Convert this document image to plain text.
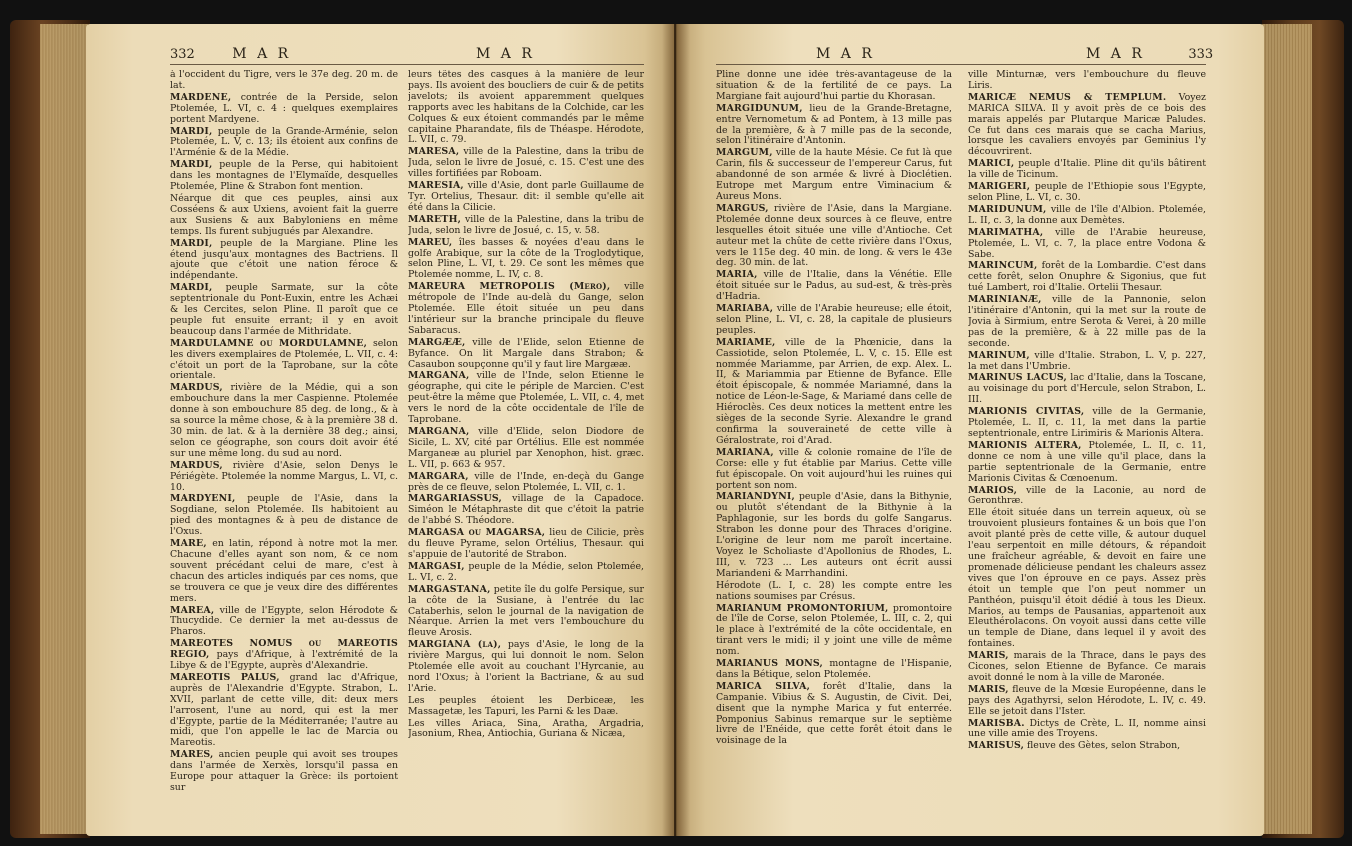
332	M A R	M A R

à l'occident du Tigre, vers le 37e deg. 20 m. de lat.

MARDENE, contrée de la Perside, selon Ptolemée, L. VI, c. 4 : quelques exemplaires portent Mardyene.

MARDI, peuple de la Grande-Arménie, selon Ptolemée, L. V, c. 13; ils étoient aux confins de l'Arménie & de la Médie.

MARDI, peuple de la Perse, qui habitoient dans les montagnes de l'Elymaïde, desquelles Ptolemée, Pline & Strabon font mention.

Néarque dit que ces peuples, ainsi aux Cosséens & aux Uxiens, avoient fait la guerre aux Susiens & aux Babyloniens en même temps. Ils furent subjugués par Alexandre.

MARDI, peuple de la Margiane. Pline les étend jusqu'aux montagnes des Bactriens. Il ajoute que c'étoit une nation féroce & indépendante.

MARDI, peuple Sarmate, sur la côte septentrionale du Pont-Euxin, entre les Achæi & les Cercites, selon Pline. Il paroît que ce peuple fut ensuite errant; il y en avoit beaucoup dans l'armée de Mithridate.

MARDULAMNE ou MORDULAMNE, selon les divers exemplaires de Ptolemée, L. VII, c. 4: c'étoit un port de la Taprobane, sur la côte orientale.

MARDUS, rivière de la Médie, qui a son embouchure dans la mer Caspienne. Ptolemée donne à son embouchure 85 deg. de long., & à sa source la même chose, & à la première 38 d. 30 min. de lat. & à la dernière 38 deg.; ainsi, selon ce géographe, son cours doit avoir été sur une même long. du sud au nord.

MARDUS, rivière d'Asie, selon Denys le Périégète. Ptolemée la nomme Margus, L. VI, c. 10.

MARDYENI, peuple de l'Asie, dans la Sogdiane, selon Ptolemée. Ils habitoient au pied des montagnes & à peu de distance de l'Oxus.

MARE, en latin, répond à notre mot la mer. Chacune d'elles ayant son nom, & ce nom souvent précédant celui de mare, c'est à chacun des articles indiqués par ces noms, que se trouvera ce que je veux dire des différentes mers.

MAREA, ville de l'Egypte, selon Hérodote & Thucydide. Ce dernier la met au-dessus de Pharos.

MAREOTES NOMUS ou MAREOTIS REGIO, pays d'Afrique, à l'extrémité de la Libye & de l'Egypte, auprès d'Alexandrie.

MAREOTIS PALUS, grand lac d'Afrique, auprès de l'Alexandrie d'Egypte. Strabon, L. XVII, parlant de cette ville, dit: deux mers l'arrosent, l'une au nord, qui est la mer d'Egypte, partie de la Méditerranée; l'autre au midi, que l'on appelle le lac de Marcia ou Mareotis.

MARES, ancien peuple qui avoit ses troupes dans l'armée de Xerxès, lorsqu'il passa en Europe pour attaquer la Grèce: ils portoient sur

leurs têtes des casques à la manière de leur pays. Ils avoient des boucliers de cuir & de petits javelots; ils avoient apparemment quelques rapports avec les habitans de la Colchide, car les Colques & eux étoient commandés par le même capitaine Pharandate, fils de Théaspe. Hérodote, L. VII, c. 79.

MARESA, ville de la Palestine, dans la tribu de Juda, selon le livre de Josué, c. 15. C'est une des villes fortifiées par Roboam.

MARESIA, ville d'Asie, dont parle Guillaume de Tyr. Ortelius, Thesaur. dit: il semble qu'elle ait été dans la Cilicie.

MARETH, ville de la Palestine, dans la tribu de Juda, selon le livre de Josué, c. 15, v. 58.

MAREU, îles basses & noyées d'eau dans le golfe Arabique, sur la côte de la Troglodytique, selon Pline, L. VI, t. 29. Ce sont les mêmes que Ptolemée nomme, L. IV, c. 8.

MAREURA METROPOLIS (Mero), ville métropole de l'Inde au-delà du Gange, selon Ptolemée. Elle étoit située un peu dans l'intérieur sur la branche principale du fleuve Sabaracus.

MARGÆÆ, ville de l'Elide, selon Etienne de Byfance. On lit Margale dans Strabon; & Casaubon soupçonne qu'il y faut lire Margææ.

MARGANA, ville de l'Inde, selon Etienne le géographe, qui cite le périple de Marcien. C'est peut-être la même que Ptolemée, L. VII, c. 4, met vers le nord de la côte occidentale de l'île de Taprobane.

MARGANA, ville d'Elide, selon Diodore de Sicile, L. XV, cité par Ortélius. Elle est nommée Marganeæ au pluriel par Xenophon, hist. græc. L. VII, p. 663 & 957.

MARGARA, ville de l'Inde, en-deçà du Gange près de ce fleuve, selon Ptolemée, L. VII, c. 1.

MARGARIASSUS, village de la Capadoce. Siméon le Métaphraste dit que c'étoit la patrie de l'abbé S. Théodore.

MARGASA ou MAGARSA, lieu de Cilicie, près du fleuve Pyrame, selon Ortélius, Thesaur. qui s'appuie de l'autorité de Strabon.

MARGASI, peuple de la Médie, selon Ptolemée, L. VI, c. 2.

MARGASTANA, petite île du golfe Persique, sur la côte de la Susiane, à l'entrée du lac Cataberhis, selon le journal de la navigation de Néarque. Arrien la met vers l'embouchure du fleuve Arosis.

MARGIANA (la), pays d'Asie, le long de la rivière Margus, qui lui donnoit le nom. Selon Ptolemée elle avoit au couchant l'Hyrcanie, au nord l'Oxus; à l'orient la Bactriane, & au sud l'Arie.

Les peuples étoient les Derbiceæ, les Massagetæ, les Tapuri, les Parni & les Daæ.

Les villes Ariaca, Sina, Aratha, Argadria, Jasonium, Rhea, Antiochia, Guriana & Nicæa,

M A R	M A R	333

Pline donne une idée très-avantageuse de la situation & de la fertilité de ce pays. La Margiane fait aujourd'hui partie du Khorasan.

MARGIDUNUM, lieu de la Grande-Bretagne, entre Vernometum & ad Pontem, à 13 mille pas de la première, & à 7 mille pas de la seconde, selon l'itinéraire d'Antonin.

MARGUM, ville de la haute Mésie. Ce fut là que Carin, fils & successeur de l'empereur Carus, fut abandonné de son armée & livré à Dioclétien. Eutrope met Margum entre Viminacium & Aureus Mons.

MARGUS, rivière de l'Asie, dans la Margiane. Ptolemée donne deux sources à ce fleuve, entre lesquelles étoit située une ville d'Antioche. Cet auteur met la chûte de cette rivière dans l'Oxus, vers le 115e deg. 40 min. de long. & vers le 43e deg. 30 min. de lat.

MARIA, ville de l'Italie, dans la Vénétie. Elle étoit située sur le Padus, au sud-est, & très-près d'Hadria.

MARIABA, ville de l'Arabie heureuse; elle étoit, selon Pline, L. VI, c. 28, la capitale de plusieurs peuples.

MARIAME, ville de la Phœnicie, dans la Cassiotide, selon Ptolemée, L. V, c. 15. Elle est nommée Mariamme, par Arrien, de exp. Alex. L. II, & Mariammia par Etienne de Byfance. Elle étoit épiscopale, & nommée Mariamné, dans la notice de Léon-le-Sage, & Mariamé dans celle de Hiéroclès. Ces deux notices la mettent entre les sièges de la seconde Syrie. Alexandre le grand confirma la souveraineté de cette ville à Géralostrate, roi d'Arad.

MARIANA, ville & colonie romaine de l'île de Corse: elle y fut établie par Marius. Cette ville fut épiscopale. On voit aujourd'hui les ruines qui portent son nom.

MARIANDYNI, peuple d'Asie, dans la Bithynie, ou plutôt s'étendant de la Bithynie à la Paphlagonie, sur les bords du golfe Sangarus. Strabon les donne pour des Thraces d'origine. L'origine de leur nom me paroît incertaine. Voyez le Scholiaste d'Apollonius de Rhodes, L. III, v. 723 ... Les auteurs ont écrit aussi Mariandeni & Marrhandini.

Hérodote (L. I, c. 28) les compte entre les nations soumises par Crésus.

MARIANUM PROMONTORIUM, promontoire de l'île de Corse, selon Ptolemée, L. III, c. 2, qui le place à l'extrémité de la côte occidentale, en tirant vers le midi; il y joint une ville de même nom.

MARIANUS MONS, montagne de l'Hispanie, dans la Bétique, selon Ptolemée.

MARICA SILVA, forêt d'Italie, dans la Campanie. Vibius & S. Augustin, de Civit. Dei, disent que la nymphe Marica y fut enterrée. Pomponius Sabinus remarque sur le septième livre de l'Enéide, que cette forêt étoit dans le voisinage de la

ville Minturnæ, vers l'embouchure du fleuve Liris.

MARICÆ NEMUS & TEMPLUM. Voyez MARICA SILVA. Il y avoit près de ce bois des marais appelés par Plutarque Maricæ Paludes. Ce fut dans ces marais que se cacha Marius, lorsque les cavaliers envoyés par Geminius l'y découvrirent.

MARICI, peuple d'Italie. Pline dit qu'ils bâtirent la ville de Ticinum.

MARIGERI, peuple de l'Ethiopie sous l'Egypte, selon Pline, L. VI, c. 30.

MARIDUNUM, ville de l'île d'Albion. Ptolemée, L. II, c. 3, la donne aux Demètes.

MARIMATHA, ville de l'Arabie heureuse, Ptolemée, L. VI, c. 7, la place entre Vodona & Sabe.

MARINCUM, forêt de la Lombardie. C'est dans cette forêt, selon Onuphre & Sigonius, que fut tué Lambert, roi d'Italie. Ortelii Thesaur.

MARINIANÆ, ville de la Pannonie, selon l'itinéraire d'Antonin, qui la met sur la route de Jovia à Sirmium, entre Serota & Verei, à 20 mille pas de la première, & à 22 mille pas de la seconde.

MARINUM, ville d'Italie. Strabon, L. V, p. 227, la met dans l'Umbrie.

MARINUS LACUS, lac d'Italie, dans la Toscane, au voisinage du port d'Hercule, selon Strabon, L. III.

MARIONIS CIVITAS, ville de la Germanie, Ptolemée, L. II, c. 11, la met dans la partie septentrionale, entre Lirimiris & Marionis Altera.

MARIONIS ALTERA, Ptolemée, L. II, c. 11, donne ce nom à une ville qu'il place, dans la partie septentrionale de la Germanie, entre Marionis Civitas & Cœnoenum.

MARIOS, ville de la Laconie, au nord de Geronthræ.

Elle étoit située dans un terrein aqueux, où se trouvoient plusieurs fontaines & un bois que l'on avoit planté près de cette ville, & autour duquel l'eau serpentoit en mille détours, & répandoit une fraîcheur agréable, & devoit en faire une promenade délicieuse pendant les chaleurs assez vives que l'on éprouve en ce pays. Assez près étoit un temple que l'on peut nommer un Panthéon, puisqu'il étoit dédié à tous les Dieux. Marios, au temps de Pausanias, appartenoit aux Eleuthérolacons. On voyoit aussi dans cette ville un temple de Diane, dans lequel il y avoit des fontaines.

MARIS, marais de la Thrace, dans le pays des Cicones, selon Etienne de Byfance. Ce marais avoit donné le nom à la ville de Maronée.

MARIS, fleuve de la Mœsie Européenne, dans le pays des Agathyrsi, selon Hérodote, L. IV, c. 49. Elle se jetoit dans l'Ister.

MARISBA. Dictys de Crète, L. II, nomme ainsi une ville amie des Troyens.

MARISUS, fleuve des Gètes, selon Strabon,
